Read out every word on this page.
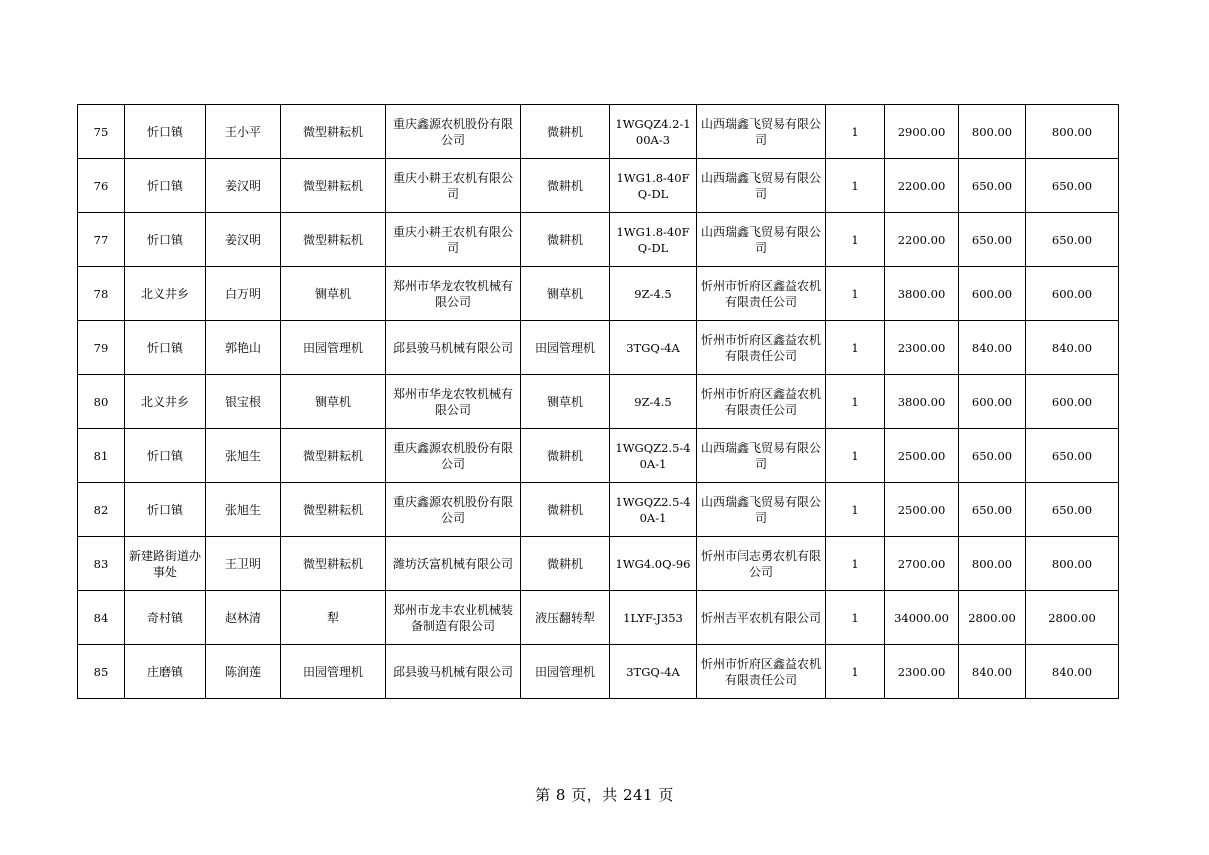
75	忻口镇	王小平	微型耕耘机	重庆鑫源农机股份有限公司	微耕机	1WGQZ4.2-100A-3	山西瑞鑫飞贸易有限公司	1	2900.00	800.00	800.00
76	忻口镇	姜汉明	微型耕耘机	重庆小耕王农机有限公司	微耕机	1WG1.8-40FQ-DL	山西瑞鑫飞贸易有限公司	1	2200.00	650.00	650.00
77	忻口镇	姜汉明	微型耕耘机	重庆小耕王农机有限公司	微耕机	1WG1.8-40FQ-DL	山西瑞鑫飞贸易有限公司	1	2200.00	650.00	650.00
78	北义井乡	白万明	铡草机	郑州市华龙农牧机械有限公司	铡草机	9Z-4.5	忻州市忻府区鑫益农机有限责任公司	1	3800.00	600.00	600.00
79	忻口镇	郭艳山	田园管理机	邱县骏马机械有限公司	田园管理机	3TGQ-4A	忻州市忻府区鑫益农机有限责任公司	1	2300.00	840.00	840.00
80	北义井乡	银宝根	铡草机	郑州市华龙农牧机械有限公司	铡草机	9Z-4.5	忻州市忻府区鑫益农机有限责任公司	1	3800.00	600.00	600.00
81	忻口镇	张旭生	微型耕耘机	重庆鑫源农机股份有限公司	微耕机	1WGQZ2.5-40A-1	山西瑞鑫飞贸易有限公司	1	2500.00	650.00	650.00
82	忻口镇	张旭生	微型耕耘机	重庆鑫源农机股份有限公司	微耕机	1WGQZ2.5-40A-1	山西瑞鑫飞贸易有限公司	1	2500.00	650.00	650.00
83	新建路街道办事处	王卫明	微型耕耘机	潍坊沃富机械有限公司	微耕机	1WG4.0Q-96	忻州市闫志勇农机有限公司	1	2700.00	800.00	800.00
84	奇村镇	赵林清	犁	郑州市龙丰农业机械装备制造有限公司	液压翻转犁	1LYF-J353	忻州吉平农机有限公司	1	34000.00	2800.00	2800.00
85	庄磨镇	陈润莲	田园管理机	邱县骏马机械有限公司	田园管理机	3TGQ-4A	忻州市忻府区鑫益农机有限责任公司	1	2300.00	840.00	840.00
第 8 页，共 241 页
